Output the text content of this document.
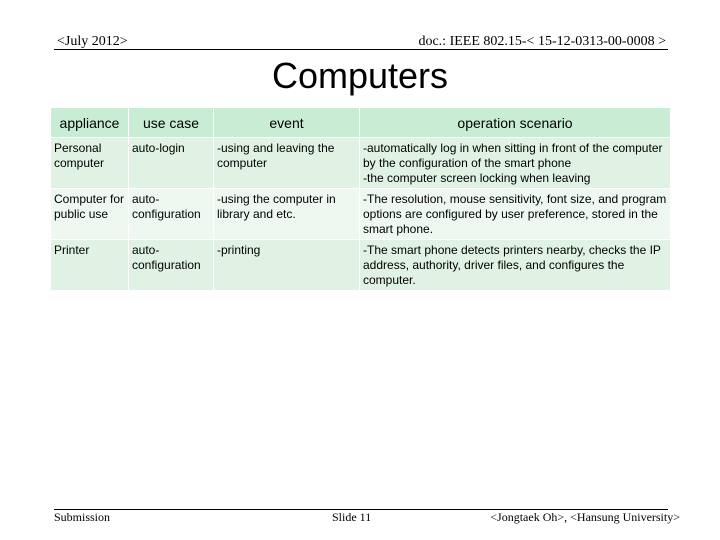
<July 2012>	doc.: IEEE 802.15-< 15-12-0313-00-0008 >
Computers
appliance	use case	event	operation scenario
Personal computer	auto-login	-using and leaving the computer	-automatically log in when sitting in front of the computer by the configuration of the smart phone
-the computer screen locking when leaving

Computer for public use	auto-configuration	-using the computer in library and etc.	-The resolution, mouse sensitivity, font size, and program options are configured by user preference, stored in the smart phone.

Printer	auto-configuration	-printing	-The smart phone detects printers nearby, checks the IP address, authority, driver files, and configures the computer.
Submission	Slide 11	<Jongtaek Oh>, <Hansung University>
